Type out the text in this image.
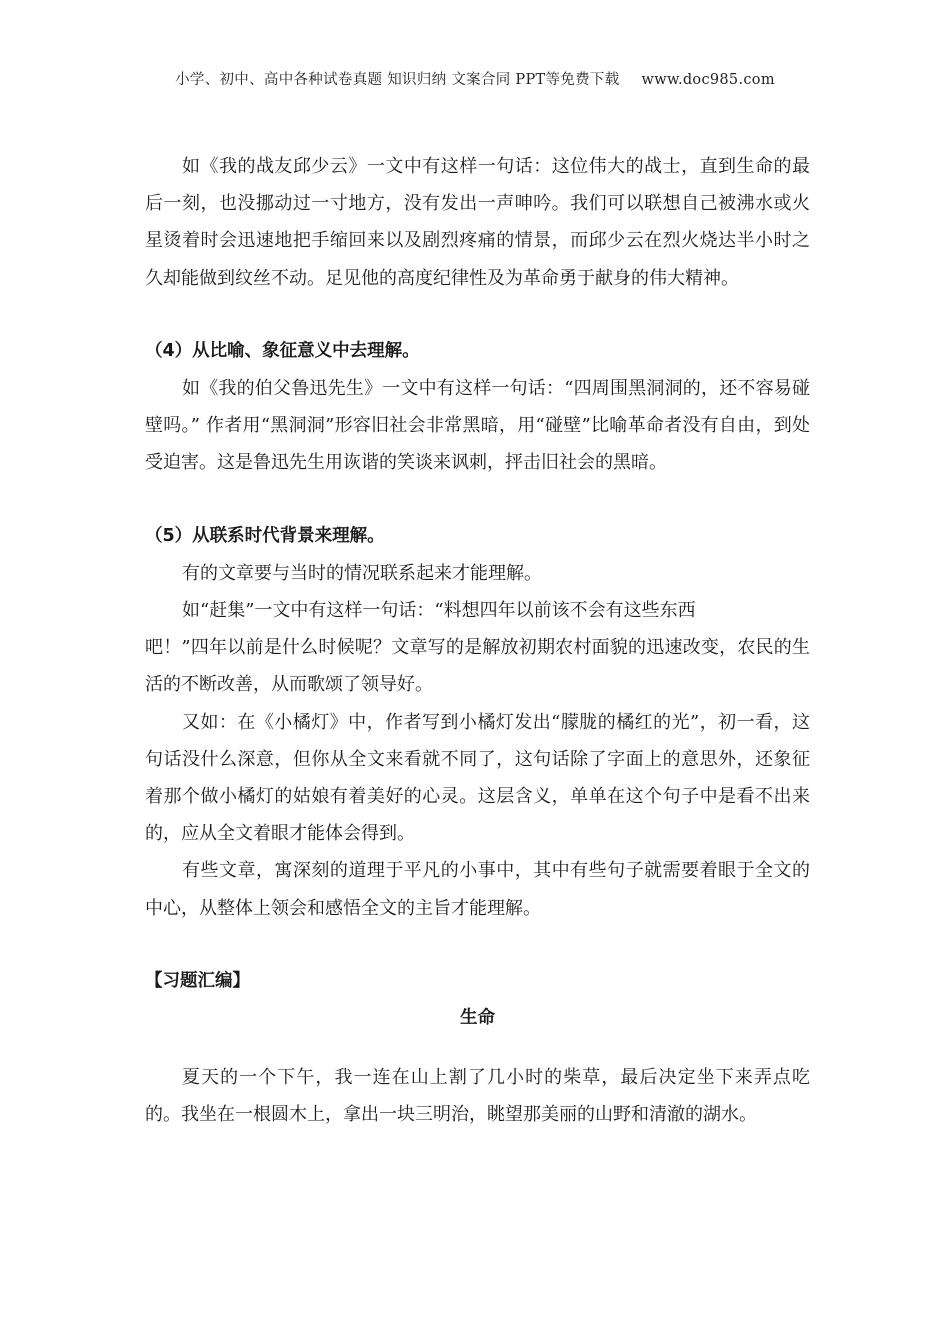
小学、初中、高中各种试卷真题 知识归纳 文案合同 PPT等免费下载 www.doc985.com

如《我的战友邱少云》一文中有这样一句话：这位伟大的战士，直到生命的最后一刻，也没挪动过一寸地方，没有发出一声呻吟。我们可以联想自己被沸水或火星烫着时会迅速地把手缩回来以及剧烈疼痛的情景，而邱少云在烈火烧达半小时之久却能做到纹丝不动。足见他的高度纪律性及为革命勇于献身的伟大精神。

（4）从比喻、象征意义中去理解。

如《我的伯父鲁迅先生》一文中有这样一句话：“四周围黑洞洞的，还不容易碰壁吗。” 作者用“黑洞洞”形容旧社会非常黑暗，用“碰壁”比喻革命者没有自由，到处受迫害。这是鲁迅先生用诙谐的笑谈来讽刺，抨击旧社会的黑暗。

（5）从联系时代背景来理解。

有的文章要与当时的情况联系起来才能理解。

如“赶集”一文中有这样一句话：“料想四年以前该不会有这些东西

吧！”四年以前是什么时候呢？文章写的是解放初期农村面貌的迅速改变，农民的生活的不断改善，从而歌颂了领导好。

又如：在《小橘灯》中，作者写到小橘灯发出“朦胧的橘红的光”，初一看，这句话没什么深意，但你从全文来看就不同了，这句话除了字面上的意思外，还象征着那个做小橘灯的姑娘有着美好的心灵。这层含义，单单在这个句子中是看不出来的，应从全文着眼才能体会得到。

有些文章，寓深刻的道理于平凡的小事中，其中有些句子就需要着眼于全文的中心，从整体上领会和感悟全文的主旨才能理解。

【习题汇编】

生命

夏天的一个下午，我一连在山上割了几小时的柴草，最后决定坐下来弄点吃的。我坐在一根圆木上，拿出一块三明治，眺望那美丽的山野和清澈的湖水。
